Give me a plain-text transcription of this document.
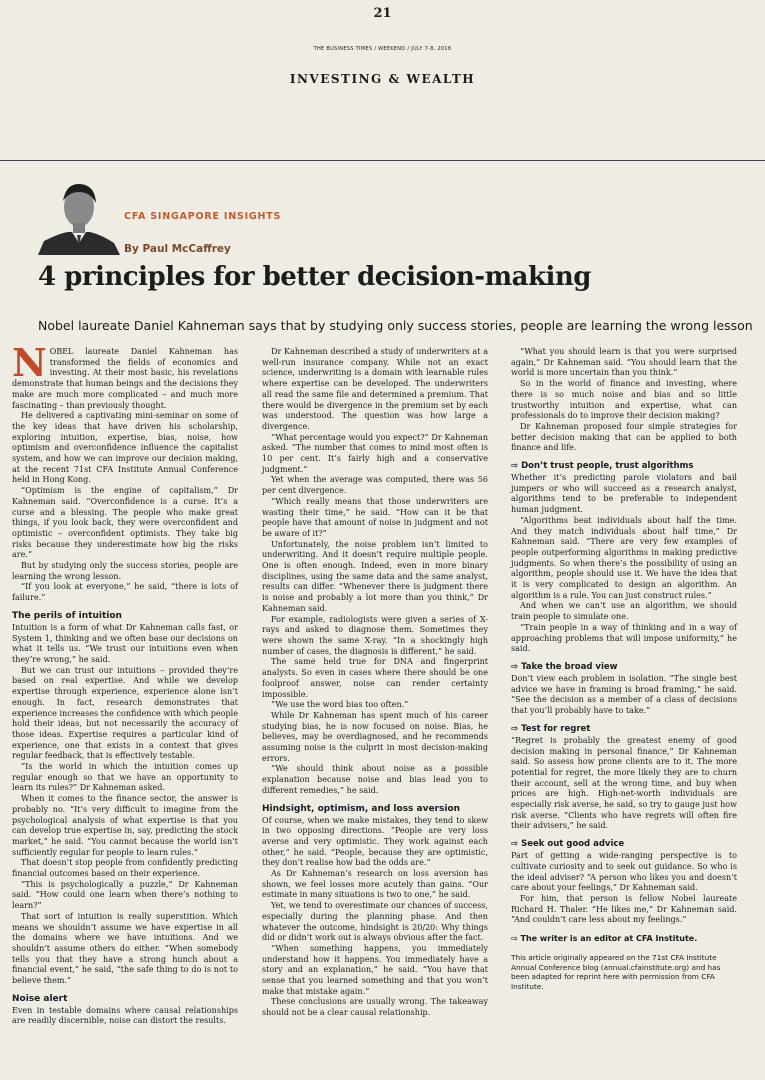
21
THE BUSINESS TIMES / WEEKEND / JULY 7-8, 2018
INVESTING & WEALTH
CFA SINGAPORE INSIGHTS
By Paul McCaffrey
4 principles for better decision-making
Nobel laureate Daniel Kahneman says that by studying only success stories, people are learning the wrong lesson

NOBEL laureate Daniel Kahneman has transformed the fields of economics and investing. At their most basic, his revelations demonstrate that human beings and the decisions they make are much more complicated – and much more fascinating – than previously thought.

He delivered a captivating mini-seminar on some of the key ideas that have driven his scholarship, exploring intuition, expertise, bias, noise, how optimism and overconfidence influence the capitalist system, and how we can improve our decision making, at the recent 71st CFA Institute Annual Conference held in Hong Kong.

“Optimism is the engine of capitalism,” Dr Kahneman said. “Overconfidence is a curse. It’s a curse and a blessing. The people who make great things, if you look back, they were overconfident and optimistic – overconfident optimists. They take big risks because they underestimate how big the risks are.”

But by studying only the success stories, people are learning the wrong lesson.

“If you look at everyone,” he said, “there is lots of failure.”

The perils of intuition

Intuition is a form of what Dr Kahneman calls fast, or System 1, thinking and we often base our decisions on what it tells us. “We trust our intuitions even when they’re wrong,” he said.

But we can trust our intuitions – provided they’re based on real expertise. And while we develop expertise through experience, experience alone isn’t enough. In fact, research demonstrates that experience increases the confidence with which people hold their ideas, but not necessarily the accuracy of those ideas. Expertise requires a particular kind of experience, one that exists in a context that gives regular feedback, that is effectively testable.

“Is the world in which the intuition comes up regular enough so that we have an opportunity to learn its rules?” Dr Kahneman asked.

When it comes to the finance sector, the answer is probably no. “It’s very difficult to imagine from the psychological analysis of what expertise is that you can develop true expertise in, say, predicting the stock market,” he said. “You cannot because the world isn’t sufficiently regular for people to learn rules.”

That doesn’t stop people from confidently predicting financial outcomes based on their experience.

“This is psychologically a puzzle,” Dr Kahneman said. “How could one learn when there’s nothing to learn?”

That sort of intuition is really superstition. Which means we shouldn’t assume we have expertise in all the domains where we have intuitions. And we shouldn’t assume others do either. “When somebody tells you that they have a strong hunch about a financial event,” he said, “the safe thing to do is not to believe them.”

Noise alert

Even in testable domains where causal relationships are readily discernible, noise can distort the results.

Dr Kahneman described a study of underwriters at a well-run insurance company. While not an exact science, underwriting is a domain with learnable rules where expertise can be developed. The underwriters all read the same file and determined a premium. That there would be divergence in the premium set by each was understood. The question was how large a divergence.

“What percentage would you expect?” Dr Kahneman asked. “The number that comes to mind most often is 10 per cent. It’s fairly high and a conservative judgment.”

Yet when the average was computed, there was 56 per cent divergence.

“Which really means that those underwriters are wasting their time,” he said. “How can it be that people have that amount of noise in judgment and not be aware of it?”

Unfortunately, the noise problem isn’t limited to underwriting. And it doesn’t require multiple people. One is often enough. Indeed, even in more binary disciplines, using the same data and the same analyst, results can differ. “Whenever there is judgment there is noise and probably a lot more than you think,” Dr Kahneman said.

For example, radiologists were given a series of X-rays and asked to diagnose them. Sometimes they were shown the same X-ray. “In a shockingly high number of cases, the diagnosis is different,” he said.

The same held true for DNA and fingerprint analysts. So even in cases where there should be one foolproof answer, noise can render certainty impossible.

“We use the word bias too often.”

While Dr Kahneman has spent much of his career studying bias, he is now focused on noise. Bias, he believes, may be overdiagnosed, and he recommends assuming noise is the culprit in most decision-making errors.

“We should think about noise as a possible explanation because noise and bias lead you to different remedies,” he said.

Hindsight, optimism, and loss aversion

Of course, when we make mistakes, they tend to skew in two opposing directions. “People are very loss averse and very optimistic. They work against each other,” he said. “People, because they are optimistic, they don’t realise how bad the odds are.”

As Dr Kahneman’s research on loss aversion has shown, we feel losses more acutely than gains. “Our estimate in many situations is two to one,” he said.

Yet, we tend to overestimate our chances of success, especially during the planning phase. And then whatever the outcome, hindsight is 20/20: Why things did or didn’t work out is always obvious after the fact.

“When something happens, you immediately understand how it happens. You immediately have a story and an explanation,” he said. “You have that sense that you learned something and that you won’t make that mistake again.”

These conclusions are usually wrong. The takeaway should not be a clear causal relationship.

“What you should learn is that you were surprised again,” Dr Kahneman said. “You should learn that the world is more uncertain than you think.”

So in the world of finance and investing, where there is so much noise and bias and so little trustworthy intuition and expertise, what can professionals do to improve their decision making?

Dr Kahneman proposed four simple strategies for better decision making that can be applied to both finance and life.

⇨ Don’t trust people, trust algorithms

Whether it’s predicting parole violators and bail jumpers or who will succeed as a research analyst, algorithms tend to be preferable to independent human judgment.

“Algorithms beat individuals about half the time. And they match individuals about half time,” Dr Kahneman said. “There are very few examples of people outperforming algorithms in making predictive judgments. So when there’s the possibility of using an algorithm, people should use it. We have the idea that it is very complicated to design an algorithm. An algorithm is a rule. You can just construct rules.”

And when we can’t use an algorithm, we should train people to simulate one.

“Train people in a way of thinking and in a way of approaching problems that will impose uniformity,” he said.

⇨ Take the broad view

Don’t view each problem in isolation. “The single best advice we have in framing is broad framing,” he said. “See the decision as a member of a class of decisions that you’ll probably have to take.”

⇨ Test for regret

“Regret is probably the greatest enemy of good decision making in personal finance,” Dr Kahneman said. So assess how prone clients are to it. The more potential for regret, the more likely they are to churn their account, sell at the wrong time, and buy when prices are high. High-net-worth individuals are especially risk averse, he said, so try to gauge just how risk averse. “Clients who have regrets will often fire their advisers,” he said.

⇨ Seek out good advice

Part of getting a wide-ranging perspective is to cultivate curiosity and to seek out guidance. So who is the ideal adviser? “A person who likes you and doesn’t care about your feelings,” Dr Kahneman said.

For him, that person is fellow Nobel laureate Richard H. Thaler. “He likes me,” Dr Kahneman said. “And couldn’t care less about my feelings.”

⇨ The writer is an editor at CFA Institute.
This article originally appeared on the 71st CFA Institute Annual Conference blog (annual.cfainstitute.org) and has been adapted for reprint here with permission from CFA Institute.
